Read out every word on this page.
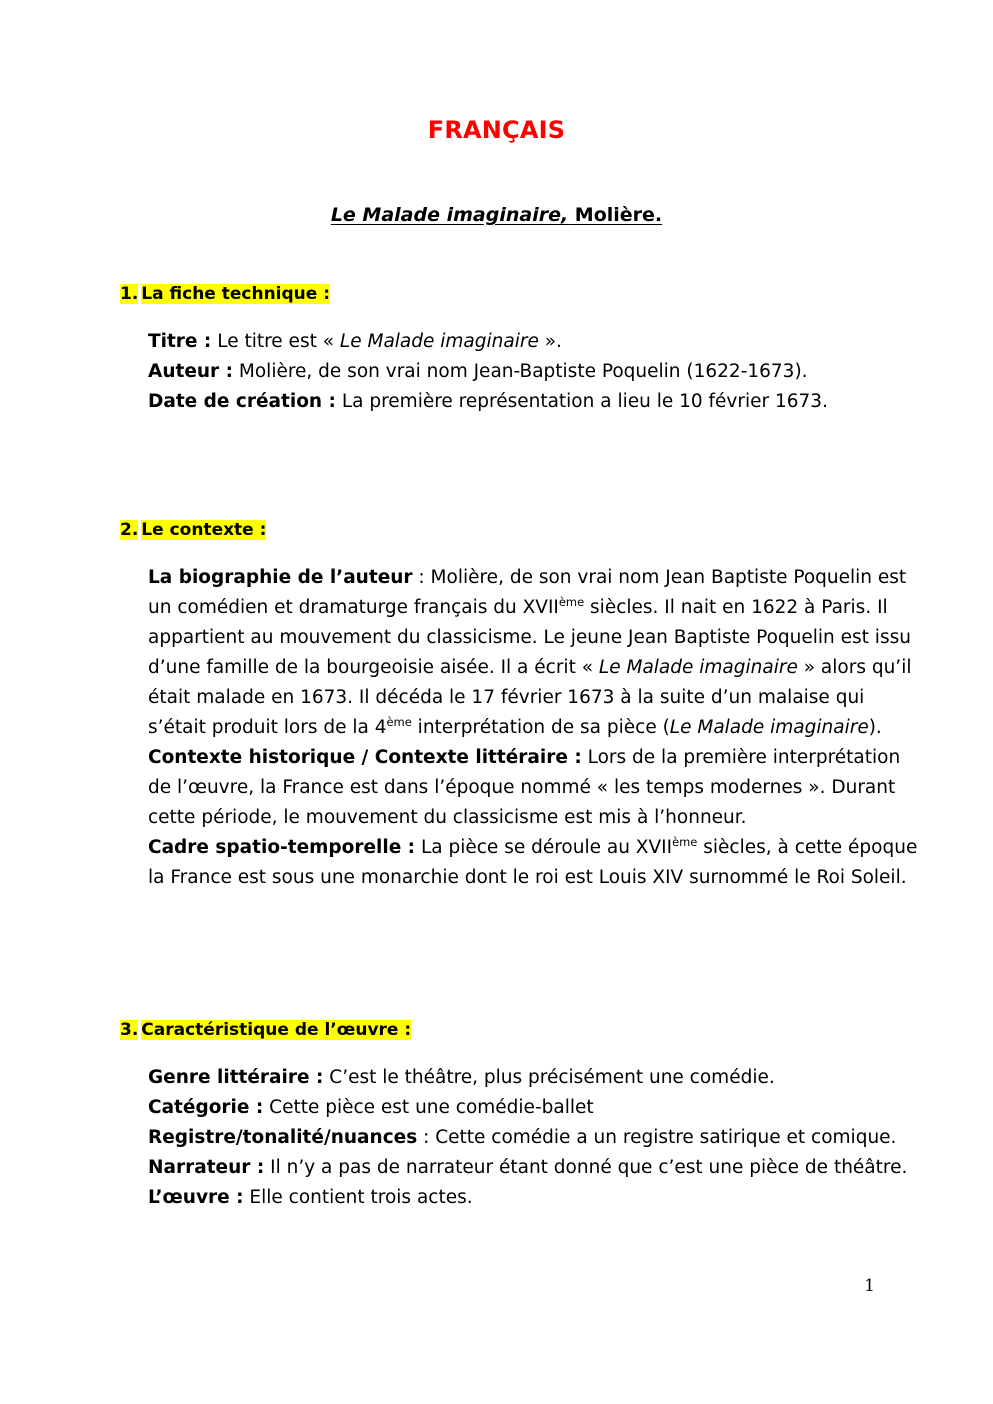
FRANÇAIS
Le Malade imaginaire, Molière.
1. La fiche technique :

Titre : Le titre est « Le Malade imaginaire ».

Auteur : Molière, de son vrai nom Jean-Baptiste Poquelin (1622-1673).

Date de création : La première représentation a lieu le 10 février 1673.

2. Le contexte :

La biographie de l’auteur : Molière, de son vrai nom Jean Baptiste Poquelin est un comédien et dramaturge français du XVIIème siècles. Il nait en 1622 à Paris. Il appartient au mouvement du classicisme. Le jeune Jean Baptiste Poquelin est issu d’une famille de la bourgeoisie aisée. Il a écrit « Le Malade imaginaire » alors qu’il était malade en 1673. Il décéda le 17 février 1673 à la suite d’un malaise qui s’était produit lors de la 4ème interprétation de sa pièce (Le Malade imaginaire).

Contexte historique / Contexte littéraire : Lors de la première interprétation de l’œuvre, la France est dans l’époque nommé « les temps modernes ». Durant cette période, le mouvement du classicisme est mis à l’honneur.

Cadre spatio-temporelle : La pièce se déroule au XVIIème siècles, à cette époque la France est sous une monarchie dont le roi est Louis XIV surnommé le Roi Soleil.

3. Caractéristique de l’œuvre :

Genre littéraire : C’est le théâtre, plus précisément une comédie.

Catégorie : Cette pièce est une comédie-ballet

Registre/tonalité/nuances : Cette comédie a un registre satirique et comique.

Narrateur : Il n’y a pas de narrateur étant donné que c’est une pièce de théâtre.

L’œuvre : Elle contient trois actes.

1
